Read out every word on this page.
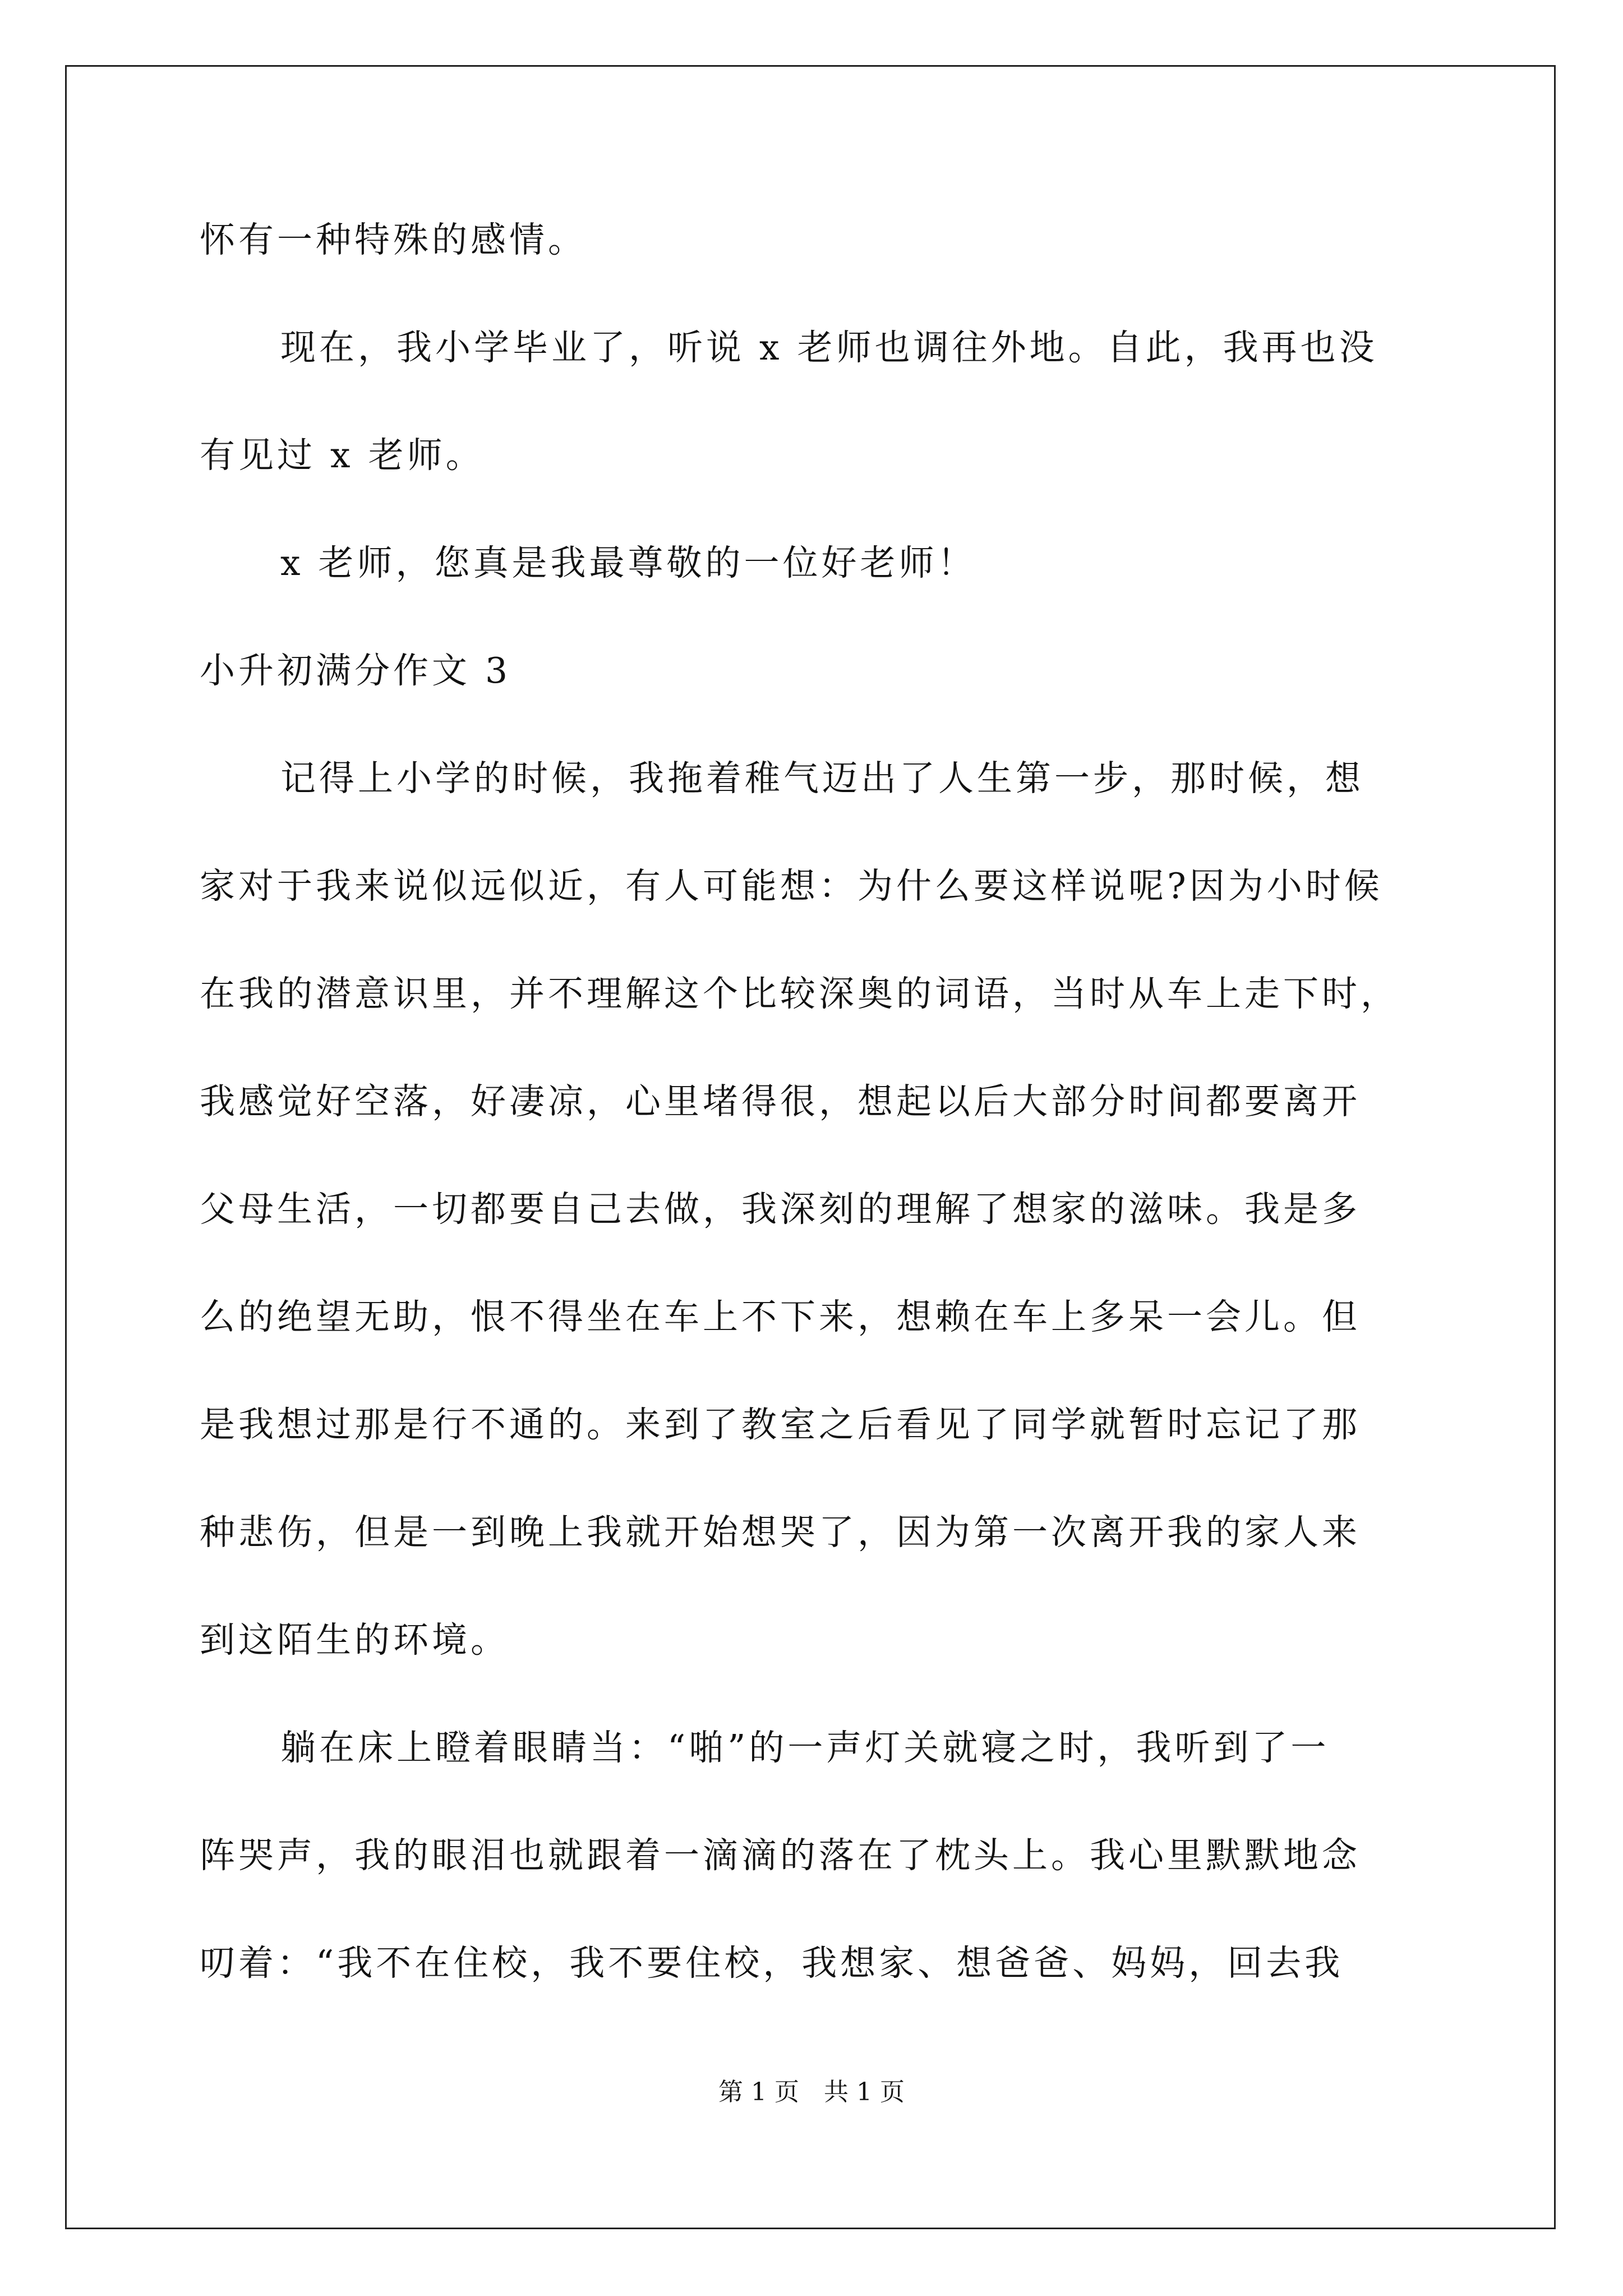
怀有一种特殊的感情。
现在，我小学毕业了，听说 x 老师也调往外地。自此，我再也没
有见过 x 老师。
x 老师，您真是我最尊敬的一位好老师！
小升初满分作文 3
记得上小学的时候，我拖着稚气迈出了人生第一步，那时候，想
家对于我来说似远似近，有人可能想：为什么要这样说呢?因为小时候
在我的潜意识里，并不理解这个比较深奥的词语，当时从车上走下时，
我感觉好空落，好凄凉，心里堵得很，想起以后大部分时间都要离开
父母生活，一切都要自己去做，我深刻的理解了想家的滋味。我是多
么的绝望无助，恨不得坐在车上不下来，想赖在车上多呆一会儿。但
是我想过那是行不通的。来到了教室之后看见了同学就暂时忘记了那
种悲伤，但是一到晚上我就开始想哭了，因为第一次离开我的家人来
到这陌生的环境。
躺在床上瞪着眼睛当：“啪”的一声灯关就寝之时，我听到了一
阵哭声，我的眼泪也就跟着一滴滴的落在了枕头上。我心里默默地念
叨着：“我不在住校，我不要住校，我想家、想爸爸、妈妈，回去我
第 1 页　共 1 页
